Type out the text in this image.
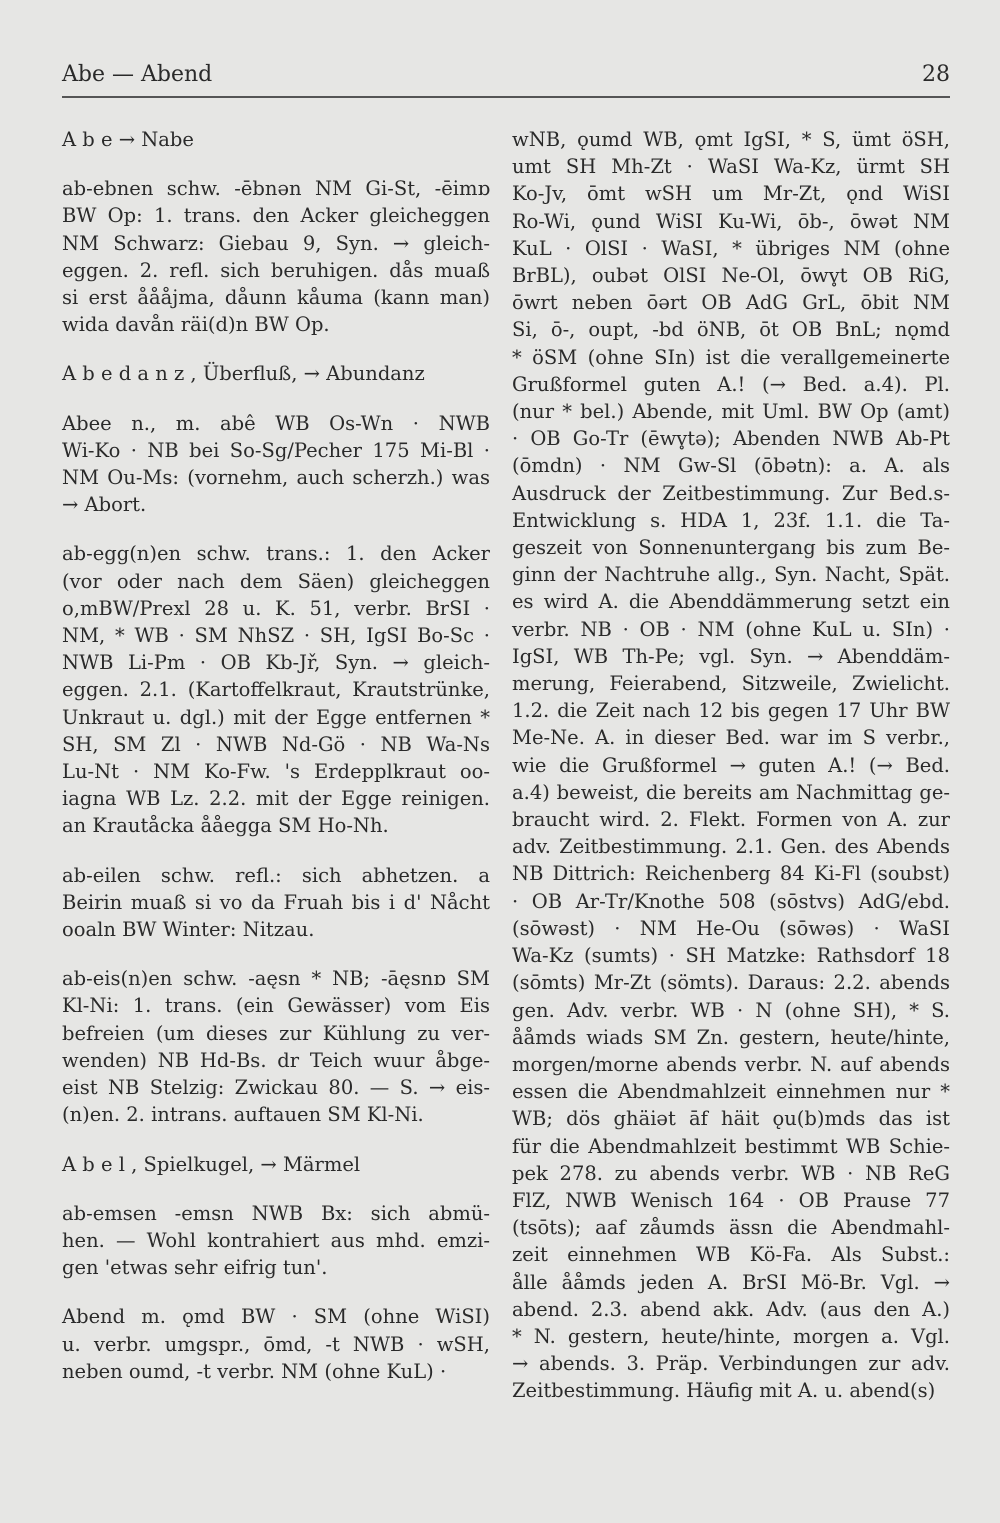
Abe — Abend	28
A b e → Nabe
ab-ebnen schw. -ēbnən NM Gi-St, -ēimɒ
BW Op: 1. trans. den Acker gleicheggen
NM Schwarz: Giebau 9, Syn. → gleich-
eggen. 2. refl. sich beruhigen. dås muaß
si erst åååjma, dåunn kåuma (kann man)
wida davån räi(d)n BW Op.
A b e d a n z , Überfluß, → Abundanz
Abee n., m. abê WB Os-Wn · NWB
Wi-Ko · NB bei So-Sg/Pecher 175 Mi-Bl ·
NM Ou-Ms: (vornehm, auch scherzh.) was
→ Abort.
ab-egg(n)en schw. trans.: 1. den Acker
(vor oder nach dem Säen) gleicheggen
o,mBW/Prexl 28 u. K. 51, verbr. BrSI ·
NM, * WB · SM NhSZ · SH, IgSI Bo-Sc ·
NWB Li-Pm · OB Kb-Jř, Syn. → gleich-
eggen. 2.1. (Kartoffelkraut, Krautstrünke,
Unkraut u. dgl.) mit der Egge entfernen *
SH, SM Zl · NWB Nd-Gö · NB Wa-Ns
Lu-Nt · NM Ko-Fw. 's Erdepplkraut oo-
iagna WB Lz. 2.2. mit der Egge reinigen.
an Krautåcka ååegga SM Ho-Nh.
ab-eilen schw. refl.: sich abhetzen. a
Beirin muaß si vo da Fruah bis i d' Nåcht
ooaln BW Winter: Nitzau.
ab-eis(n)en schw. -aęsn * NB; -āęsnɒ SM
Kl-Ni: 1. trans. (ein Gewässer) vom Eis
befreien (um dieses zur Kühlung zu ver-
wenden) NB Hd-Bs. dr Teich wuur åbge-
eist NB Stelzig: Zwickau 80. — S. → eis-
(n)en. 2. intrans. auftauen SM Kl-Ni.
A b e l , Spielkugel, → Märmel
ab-emsen -emsn NWB Bx: sich abmü-
hen. — Wohl kontrahiert aus mhd. emzi-
gen 'etwas sehr eifrig tun'.
Abend m. ǫmd BW · SM (ohne WiSI)
u. verbr. umgspr., ōmd, -t NWB · wSH,
neben oumd, -t verbr. NM (ohne KuL) ·
wNB, ǫumd WB, ǫmt IgSI, * S, ümt öSH,
umt SH Mh-Zt · WaSI Wa-Kz, ürmt SH
Ko-Jv, ōmt wSH um Mr-Zt, ǫnd WiSI
Ro-Wi, ǫund WiSI Ku-Wi, ōb-, ōwət NM
KuL · OlSI · WaSI, * übriges NM (ohne
BrBL), oubət OlSI Ne-Ol, ōwv̥t OB RiG,
ōwrt neben ōərt OB AdG GrL, ōbit NM
Si, ō-, oupt, -bd öNB, ōt OB BnL; nǫmd
* öSM (ohne SIn) ist die verallgemeinerte
Grußformel guten A.! (→ Bed. a.4). Pl.
(nur * bel.) Abende, mit Uml. BW Op (amt)
· OB Go-Tr (ēwv̥tə); Abenden NWB Ab-Pt
(ōmdn) · NM Gw-Sl (ōbətn): a. A. als
Ausdruck der Zeitbestimmung. Zur Bed.s-
Entwicklung s. HDA 1, 23f. 1.1. die Ta-
geszeit von Sonnenuntergang bis zum Be-
ginn der Nachtruhe allg., Syn. Nacht, Spät.
es wird A. die Abenddämmerung setzt ein
verbr. NB · OB · NM (ohne KuL u. SIn) ·
IgSI, WB Th-Pe; vgl. Syn. → Abenddäm-
merung, Feierabend, Sitzweile, Zwielicht.
1.2. die Zeit nach 12 bis gegen 17 Uhr BW
Me-Ne. A. in dieser Bed. war im S verbr.,
wie die Grußformel → guten A.! (→ Bed.
a.4) beweist, die bereits am Nachmittag ge-
braucht wird. 2. Flekt. Formen von A. zur
adv. Zeitbestimmung. 2.1. Gen. des Abends
NB Dittrich: Reichenberg 84 Ki-Fl (soubst)
· OB Ar-Tr/Knothe 508 (sōstvs) AdG/ebd.
(sōwəst) · NM He-Ou (sōwəs) · WaSI
Wa-Kz (sumts) · SH Matzke: Rathsdorf 18
(sōmts) Mr-Zt (sömts). Daraus: 2.2. abends
gen. Adv. verbr. WB · N (ohne SH), * S.
ååmds wiads SM Zn. gestern, heute/hinte,
morgen/morne abends verbr. N. auf abends
essen die Abendmahlzeit einnehmen nur *
WB; dös ghäiət āf häit ǫu(b)mds das ist
für die Abendmahlzeit bestimmt WB Schie-
pek 278. zu abends verbr. WB · NB ReG
FlZ, NWB Wenisch 164 · OB Prause 77
(tsōts); aaf zåumds ässn die Abendmahl-
zeit einnehmen WB Kö-Fa. Als Subst.:
ålle ååmds jeden A. BrSI Mö-Br. Vgl. →
abend. 2.3. abend akk. Adv. (aus den A.)
* N. gestern, heute/hinte, morgen a. Vgl.
→ abends. 3. Präp. Verbindungen zur adv.
Zeitbestimmung. Häufig mit A. u. abend(s)
